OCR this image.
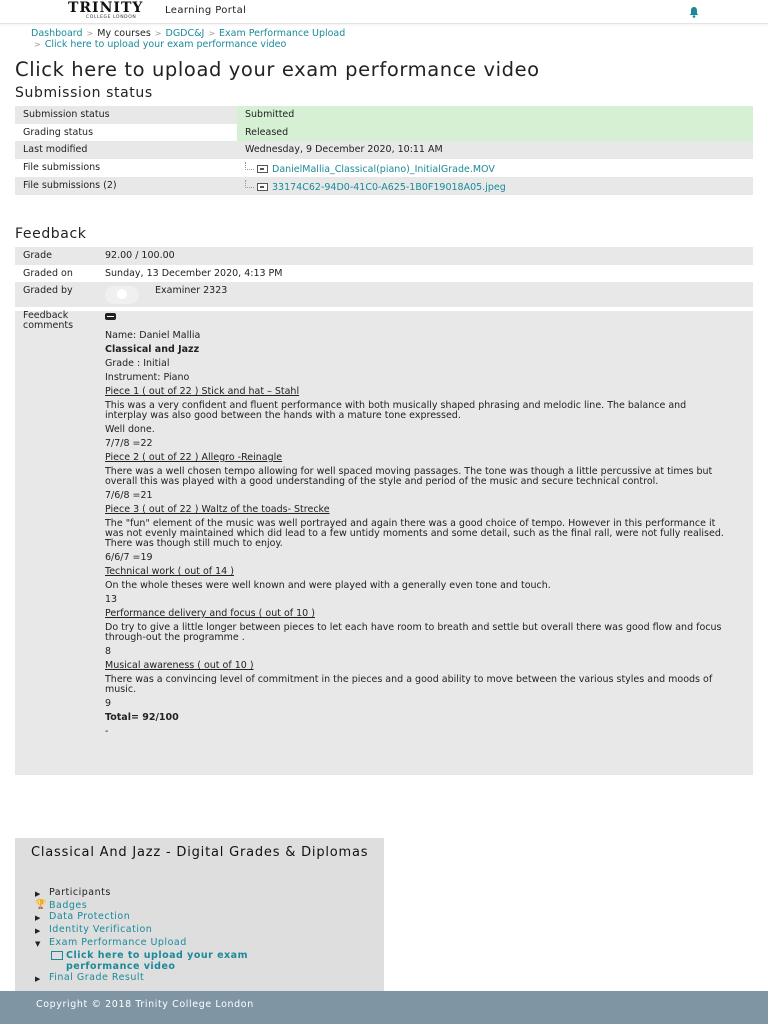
TRINITY
COLLEGE LONDON
Learning Portal
Dashboard > My courses > DGDC&J > Exam Performance Upload
> Click here to upload your exam performance video
Click here to upload your exam performance video
Submission status
Submission status	Submitted
Grading status	Released
Last modified	Wednesday, 9 December 2020, 10:11 AM
File submissions	DanielMallia_Classical(piano)_InitialGrade.MOV
File submissions (2)	33174C62-94D0-41C0-A625-1B0F19018A05.jpeg
Feedback
Grade	92.00 / 100.00
Graded on	Sunday, 13 December 2020, 4:13 PM
Graded by	Examiner 2323
Feedback comments

Name: Daniel Mallia

Classical and Jazz

Grade : Initial

Instrument: Piano

Piece 1 ( out of 22 ) Stick and hat – Stahl

This was a very confident and fluent performance with both musically shaped phrasing and melodic line. The balance and interplay was also good between the hands with a mature tone expressed.

Well done.

7/7/8 =22

Piece 2 ( out of 22 ) Allegro -Reinagle

There was a well chosen tempo allowing for well spaced moving passages. The tone was though a little percussive at times but overall this was played with a good understanding of the style and period of the music and secure technical control.

7/6/8 =21

Piece 3 ( out of 22 ) Waltz of the toads- Strecke

The "fun" element of the music was well portrayed and again there was a good choice of tempo. However in this performance it was not evenly maintained which did lead to a few untidy moments and some detail, such as the final rall, were not fully realised. There was though still much to enjoy.

6/6/7 =19

Technical work ( out of 14 )

On the whole theses were well known and were played with a generally even tone and touch.

13

Performance delivery and focus ( out of 10 )

Do try to give a little longer between pieces to let each have room to breath and settle but overall there was good flow and focus through-out the programme .

8

Musical awareness ( out of 10 )

There was a convincing level of commitment in the pieces and a good ability to move between the various styles and moods of music.

9

Total= 92/100

-

Classical And Jazz - Digital Grades & Diplomas
▶ Participants
🏆 Badges
▶ Data Protection
▶ Identity Verification
▼ Exam Performance Upload
Click here to upload your exam performance video
▶ Final Grade Result
Copyright © 2018 Trinity College London
